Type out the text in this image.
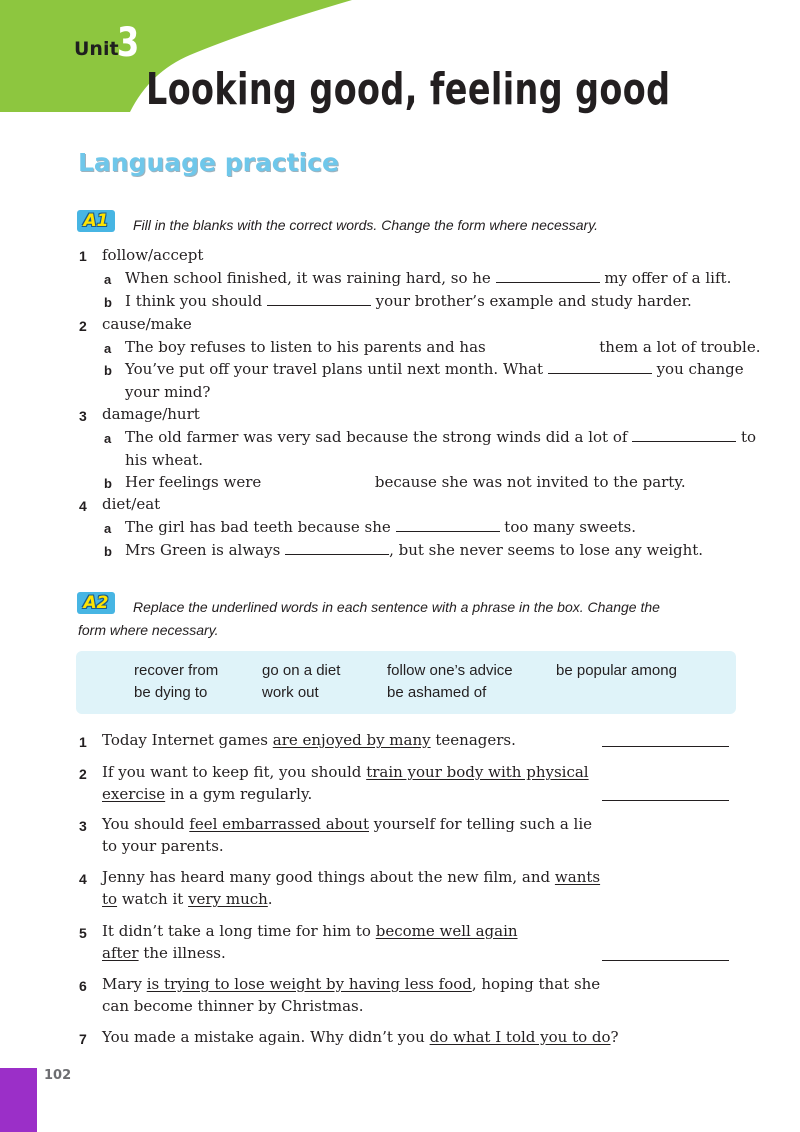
Unit
3
Looking good, feeling good
Language practice
A1	Fill in the blanks with the correct words. Change the form where necessary.
1 follow/accept
a When school finished, it was raining hard, so he	my offer of a lift.
b I think you should	your brother’s example and study harder.
2 cause/make
a The boy refuses to listen to his parents and has	them a lot of trouble.
b You’ve put off your travel plans until next month. What	you change
your mind?
3 damage/hurt
a The old farmer was very sad because the strong winds did a lot of	to
his wheat.
b Her feelings were	because she was not invited to the party.
4 diet/eat
a The girl has bad teeth because she	too many sweets.
b Mrs Green is always	, but she never seems to lose any weight.
A2	Replace the underlined words in each sentence with a phrase in the box. Change the
form where necessary.
recover from	go on a diet	follow one’s advice	be popular among
be dying to	work out	be ashamed of
1 Today Internet games are enjoyed by many teenagers.
2 If you want to keep fit, you should train your body with physical
exercise in a gym regularly.
3 You should feel embarrassed about yourself for telling such a lie
to your parents.
4 Jenny has heard many good things about the new film, and wants
to watch it very much.
5 It didn’t take a long time for him to become well again
after the illness.
6 Mary is trying to lose weight by having less food, hoping that she
can become thinner by Christmas.
7 You made a mistake again. Why didn’t you do what I told you to do?
102
